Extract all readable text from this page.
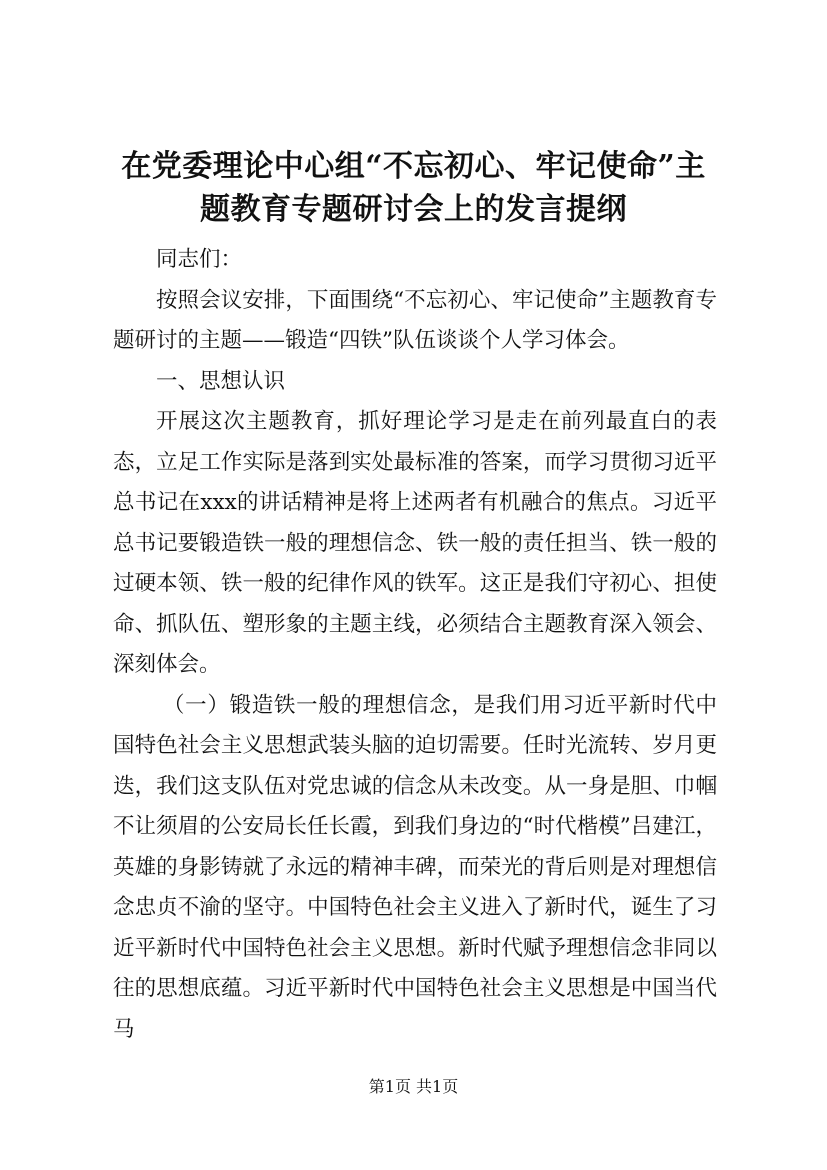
在党委理论中心组“不忘初心、牢记使命”主
题教育专题研讨会上的发言提纲

同志们：

按照会议安排，下面围绕“不忘初心、牢记使命”主题教育专题研讨的主题——锻造“四铁”队伍谈谈个人学习体会。

一、思想认识

开展这次主题教育，抓好理论学习是走在前列最直白的表态，立足工作实际是落到实处最标准的答案，而学习贯彻习近平总书记在xxx的讲话精神是将上述两者有机融合的焦点。习近平总书记要锻造铁一般的理想信念、铁一般的责任担当、铁一般的过硬本领、铁一般的纪律作风的铁军。这正是我们守初心、担使命、抓队伍、塑形象的主题主线，必须结合主题教育深入领会、深刻体会。

（一）锻造铁一般的理想信念，是我们用习近平新时代中国特色社会主义思想武装头脑的迫切需要。任时光流转、岁月更迭，我们这支队伍对党忠诚的信念从未改变。从一身是胆、巾帼不让须眉的公安局长任长霞，到我们身边的“时代楷模”吕建江，英雄的身影铸就了永远的精神丰碑，而荣光的背后则是对理想信念忠贞不渝的坚守。中国特色社会主义进入了新时代，诞生了习近平新时代中国特色社会主义思想。新时代赋予理想信念非同以往的思想底蕴。习近平新时代中国特色社会主义思想是中国当代马

第1页 共1页
